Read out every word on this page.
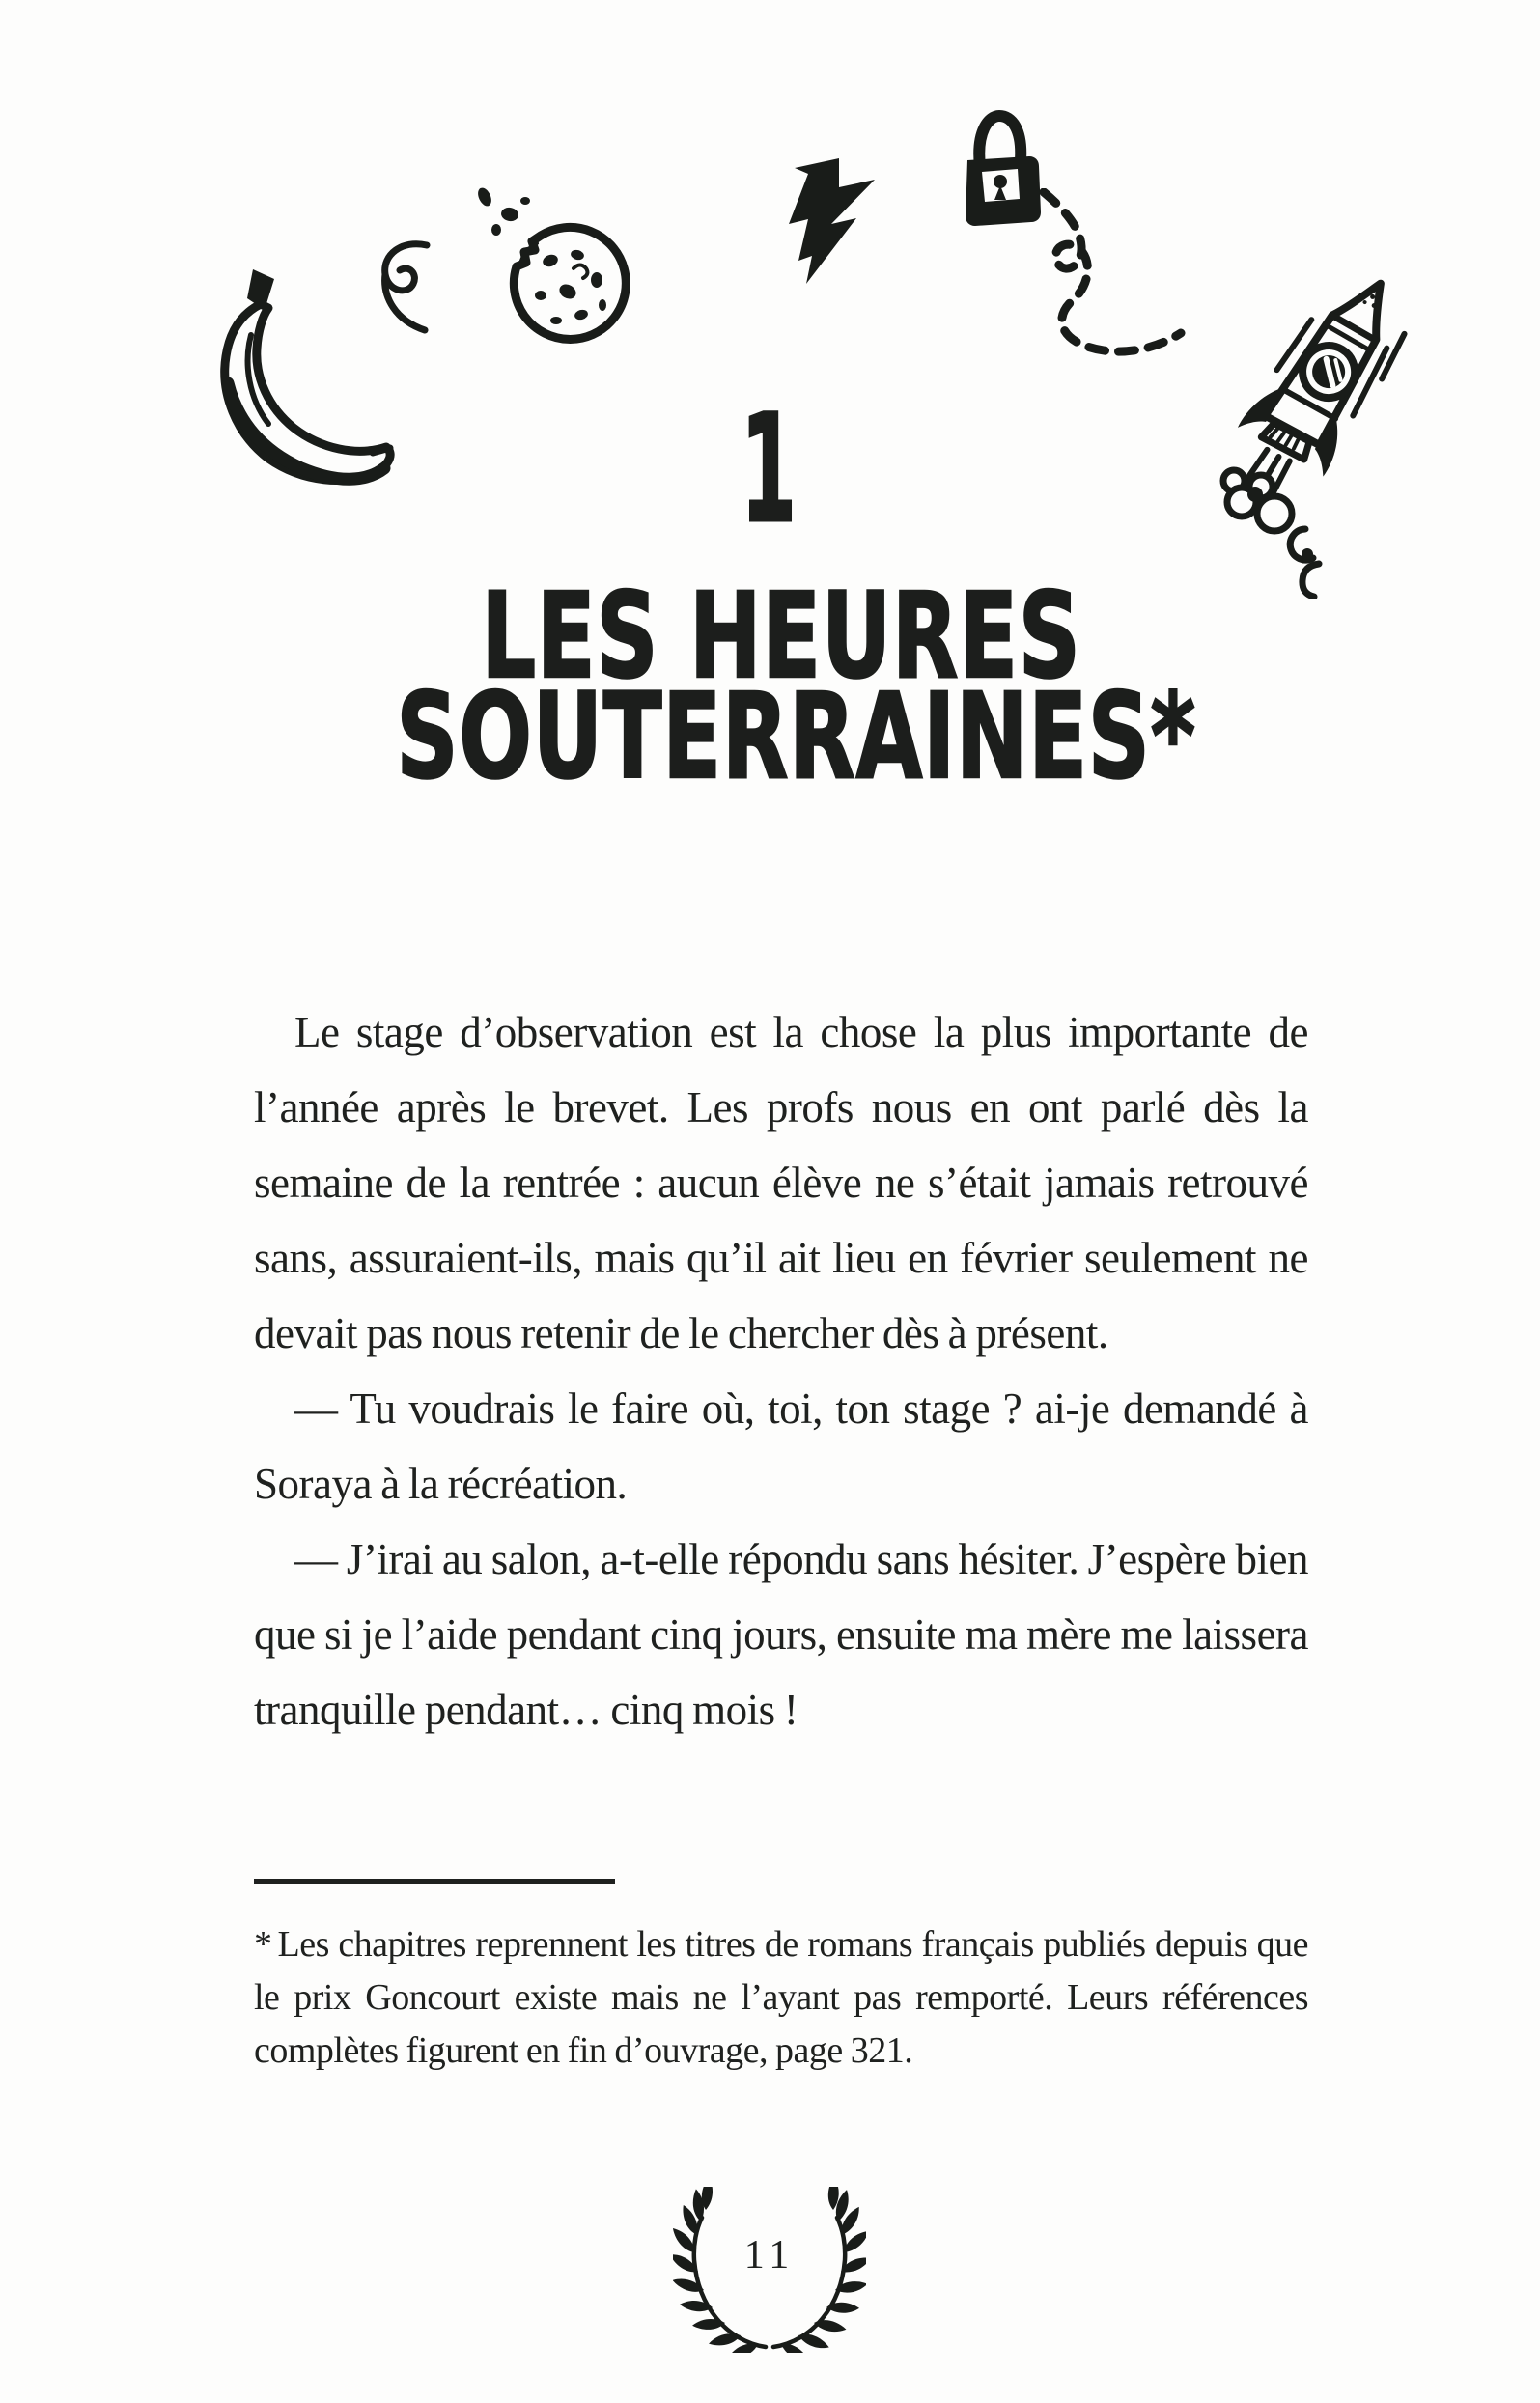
1
LES HEURES
SOUTERRAINES*

Le stage d’observation est la chose la plus importante de l’année après le brevet. Les profs nous en ont parlé dès la semaine de la rentrée : aucun élève ne s’était jamais retrouvé sans, assuraient-ils, mais qu’il ait lieu en février seulement ne devait pas nous retenir de le chercher dès à présent.

— Tu voudrais le faire où, toi, ton stage ? ai-je demandé à Soraya à la récréation.

— J’irai au salon, a-t-elle répondu sans hésiter. J’espère bien que si je l’aide pendant cinq jours, ensuite ma mère me laissera tranquille pendant… cinq mois !

* Les chapitres reprennent les titres de romans français publiés depuis que le prix Goncourt existe mais ne l’ayant pas remporté. Leurs références complètes figurent en fin d’ouvrage, page 321.

11
